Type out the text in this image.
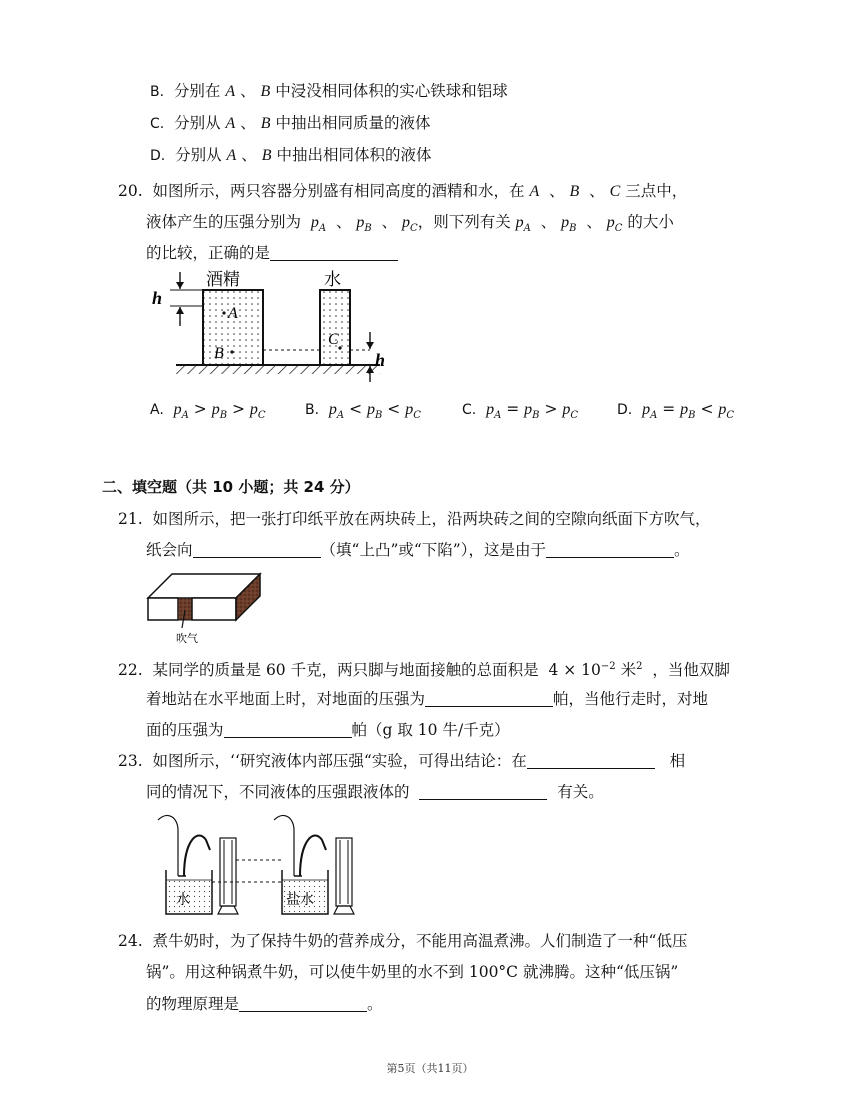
B. 分别在 A 、 B 中浸没相同体积的实心铁球和铝球
C. 分别从 A 、 B 中抽出相同质量的液体
D. 分别从 A 、 B 中抽出相同体积的液体
20. 如图所示，两只容器分别盛有相同高度的酒精和水，在 A  、 B  、 C 三点中，
液体产生的压强分别为 $p_A$  、 $p_B$  、 $p_C$，则下列有关 $p_A$  、 $p_B$  、 $p_C$ 的大小
的比较，正确的是
酒精	水
A
B
C
h
h
A. $p_A > p_B > p_C$	B. $p_A < p_B < p_C$	C. $p_A = p_B > p_C$	D. $p_A = p_B < p_C$
二、填空题（共 10 小题；共 24 分）
21. 如图所示，把一张打印纸平放在两块砖上，沿两块砖之间的空隙向纸面下方吹气，
纸会向	（填“上凸”或“下陷”），这是由于	。
吹气
22. 某同学的质量是 60 千克，两只脚与地面接触的总面积是 $4 \times 10^{-2}$ 米$^2$ ，当他双脚
着地站在水平地面上时，对地面的压强为	帕，当他行走时，对地
面的压强为	帕（g 取 10 牛/千克）
23. 如图所示，‘‘研究液体内部压强“实验，可得出结论：在	相
同的情况下，不同液体的压强跟液体的	有关。
水	盐水
24. 煮牛奶时，为了保持牛奶的营养成分，不能用高温煮沸。人们制造了一种“低压
锅”。用这种锅煮牛奶，可以使牛奶里的水不到 100°C 就沸腾。这种“低压锅”
的物理原理是	。
第5页（共11页）
